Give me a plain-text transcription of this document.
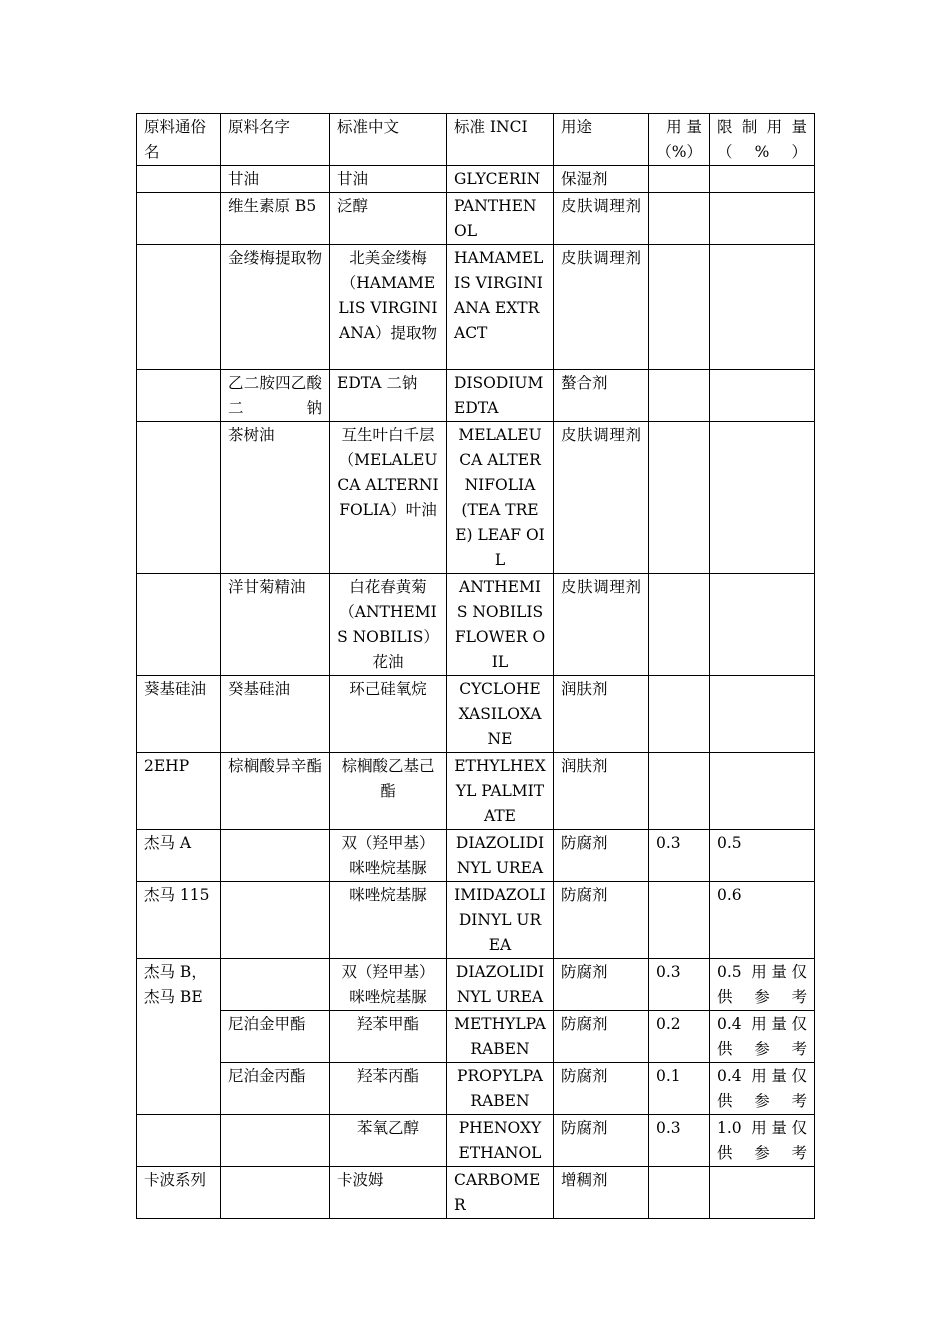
原料通俗名	原料名字	标准中文	标准 INCI	用途	用 量（%）	限 制 用 量（%）
	甘油	甘油	GLYCERIN	保湿剂		
	维生素原 B5	泛醇	PANTHENOL	皮肤调理剂		
	金缕梅提取物	北美金缕梅（HAMAMELIS VIRGINIANA）提取物	HAMAMELIS VIRGINIANA EXTRACT	皮肤调理剂		
	乙二胺四乙酸二钠	EDTA 二钠	DISODIUM EDTA	螯合剂		
	茶树油	互生叶白千层（MELALEUCA ALTERNIFOLIA）叶油	MELALEUCA ALTERNIFOLIA (TEA TREE) LEAF OIL	皮肤调理剂		
	洋甘菊精油	白花春黄菊（ANTHEMIS NOBILIS）花油	ANTHEMIS NOBILIS FLOWER OIL	皮肤调理剂		
葵基硅油	癸基硅油	环己硅氧烷	CYCLOHEXASILOXANE	润肤剂		
2EHP	棕榈酸异辛酯	棕榈酸乙基己酯	ETHYLHEXYL PALMITATE	润肤剂		
杰马 A		双（羟甲基）咪唑烷基脲	DIAZOLIDINYL UREA	防腐剂	0.3	0.5
杰马 115		咪唑烷基脲	IMIDAZOLIDINYL UREA	防腐剂		0.6
杰马 B，杰马 BE		双（羟甲基）咪唑烷基脲	DIAZOLIDINYL UREA	防腐剂	0.3	0.5 用量仅供参考
	尼泊金甲酯	羟苯甲酯	METHYLPARABEN	防腐剂	0.2	0.4 用量仅供参考
	尼泊金丙酯	羟苯丙酯	PROPYLPARABEN	防腐剂	0.1	0.4 用量仅供参考
		苯氧乙醇	PHENOXYETHANOL	防腐剂	0.3	1.0 用量仅供参考
卡波系列		卡波姆	CARBOMER	增稠剂		
